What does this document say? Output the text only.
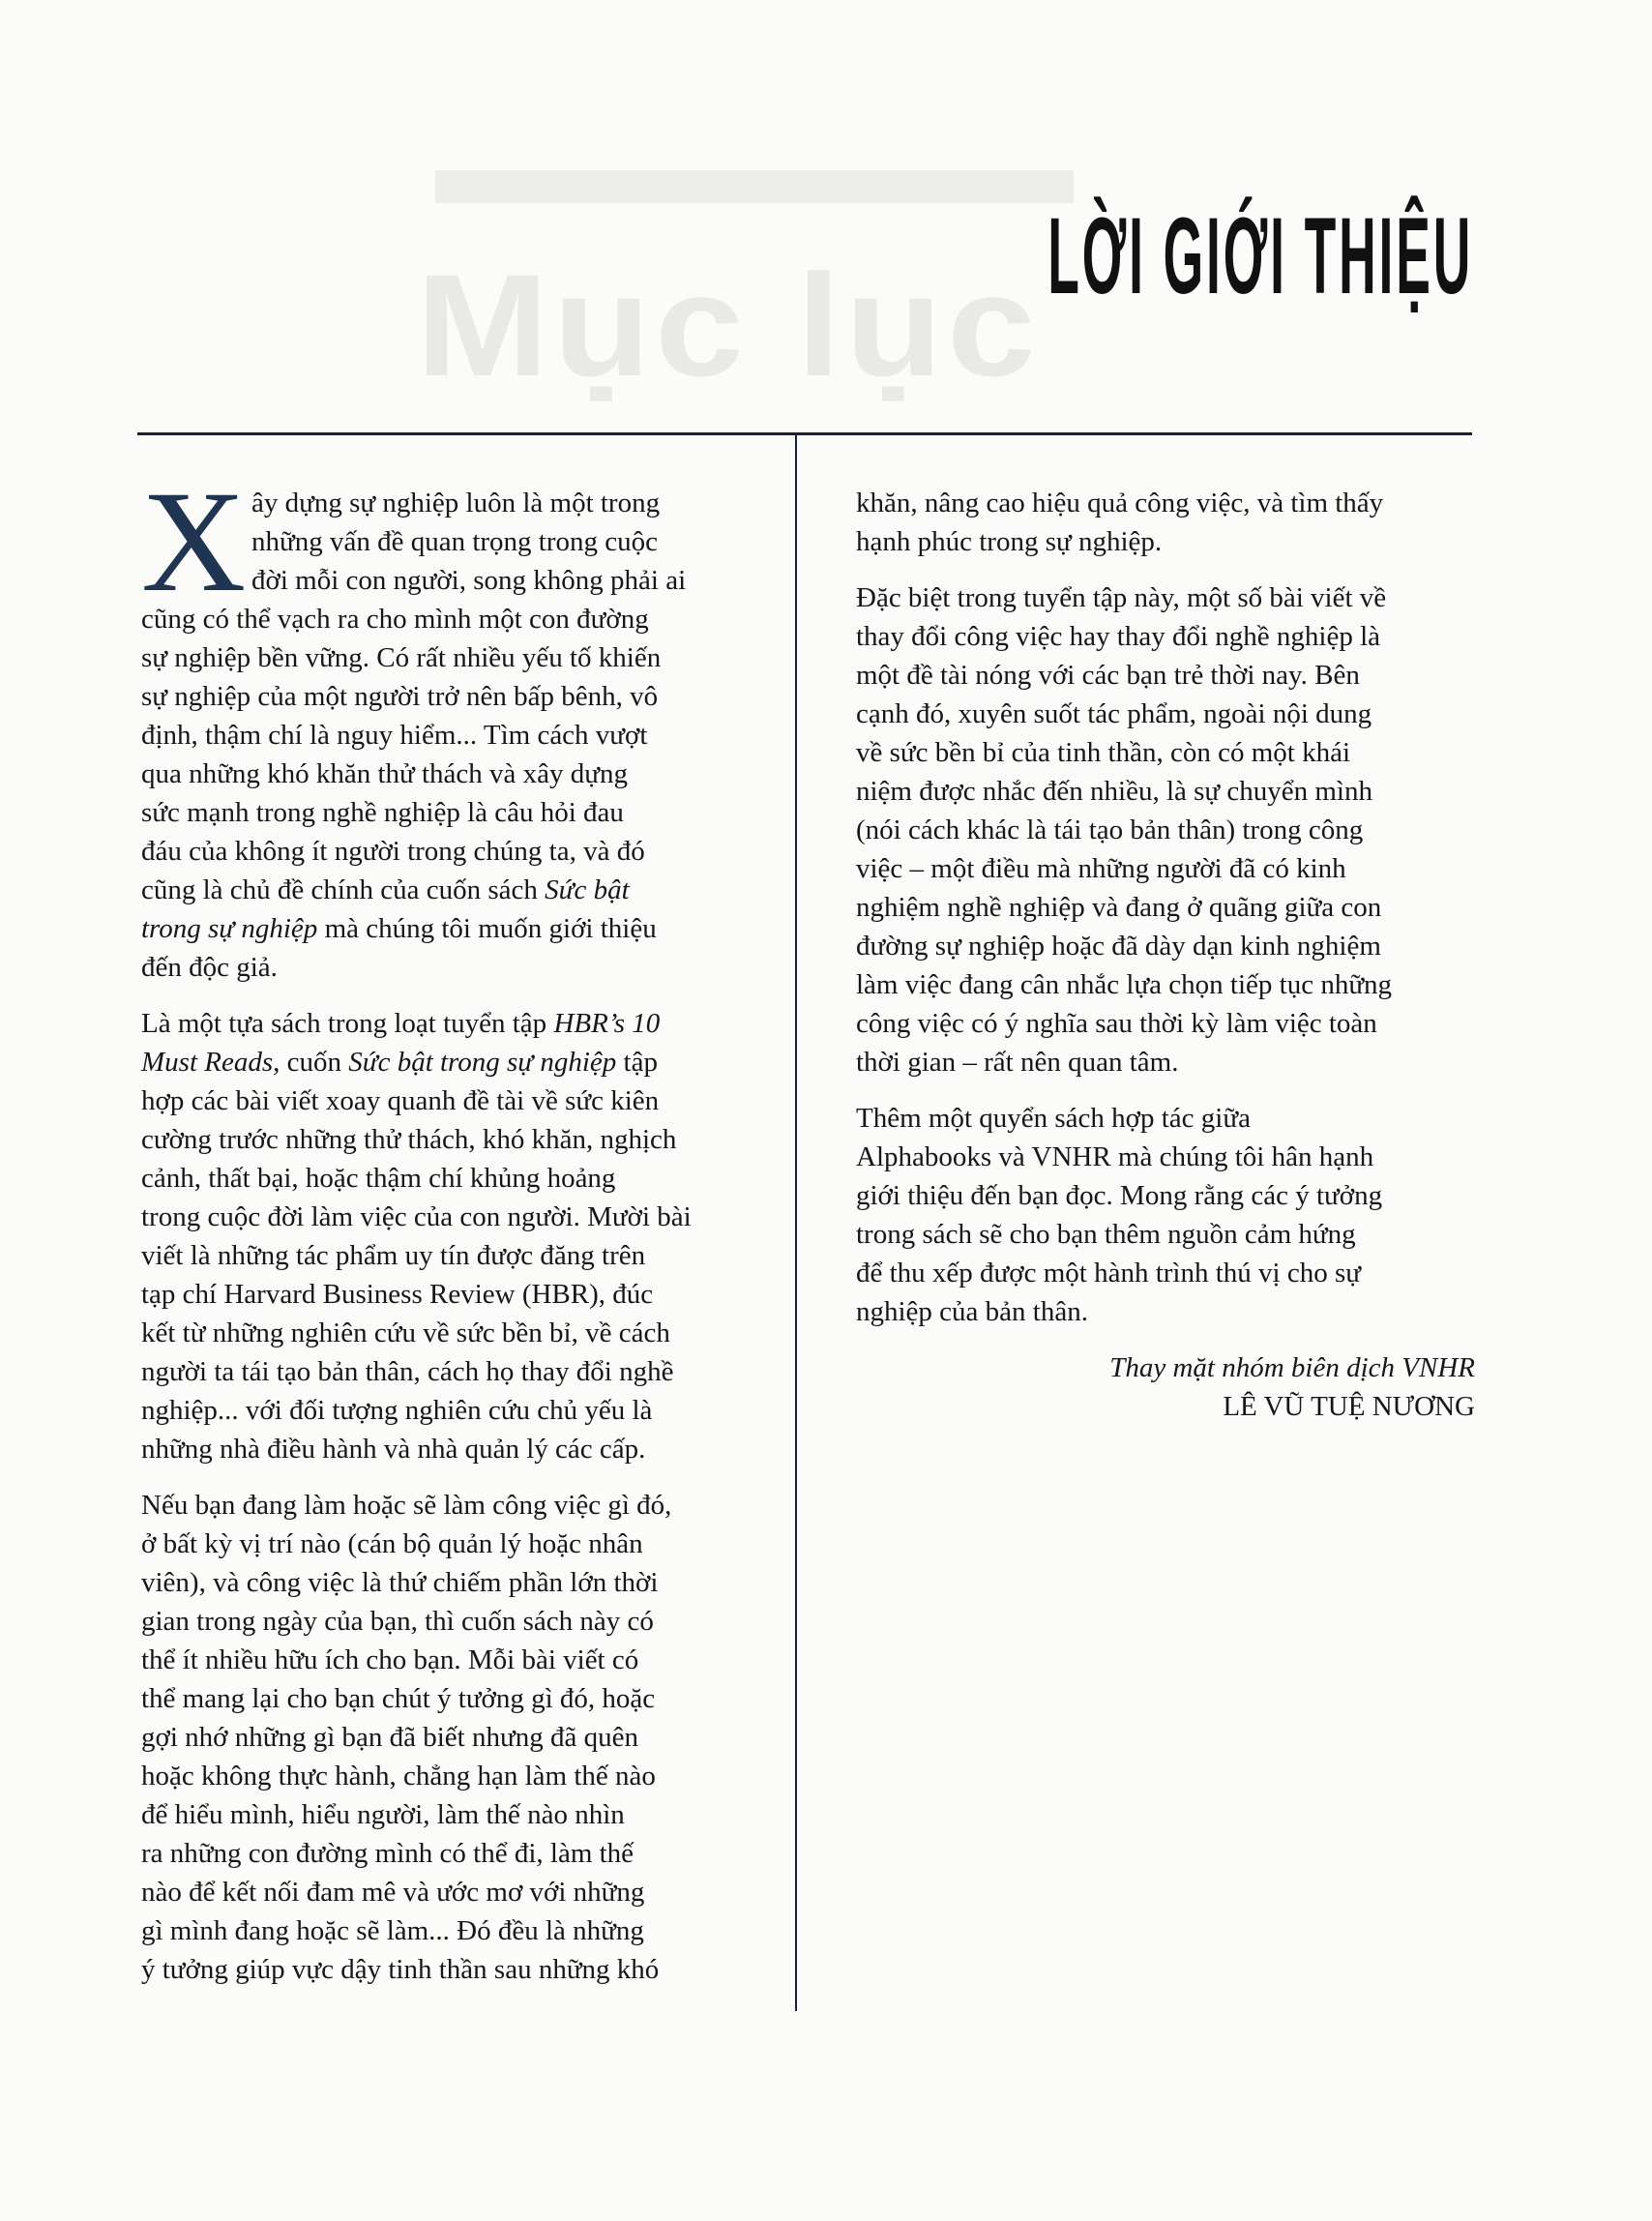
Mục lục LỜI GIỚI THIỆU
X ây dựng sự nghiệp luôn là một trong
những vấn đề quan trọng trong cuộc
đời mỗi con người, song không phải ai
cũng có thể vạch ra cho mình một con đường
sự nghiệp bền vững. Có rất nhiều yếu tố khiến
sự nghiệp của một người trở nên bấp bênh, vô
định, thậm chí là nguy hiểm... Tìm cách vượt
qua những khó khăn thử thách và xây dựng
sức mạnh trong nghề nghiệp là câu hỏi đau
đáu của không ít người trong chúng ta, và đó
cũng là chủ đề chính của cuốn sách Sức bật
trong sự nghiệp mà chúng tôi muốn giới thiệu
đến độc giả.

Là một tựa sách trong loạt tuyển tập HBR’s 10
Must Reads, cuốn Sức bật trong sự nghiệp tập
hợp các bài viết xoay quanh đề tài về sức kiên
cường trước những thử thách, khó khăn, nghịch
cảnh, thất bại, hoặc thậm chí khủng hoảng
trong cuộc đời làm việc của con người. Mười bài
viết là những tác phẩm uy tín được đăng trên
tạp chí Harvard Business Review (HBR), đúc
kết từ những nghiên cứu về sức bền bỉ, về cách
người ta tái tạo bản thân, cách họ thay đổi nghề
nghiệp... với đối tượng nghiên cứu chủ yếu là
những nhà điều hành và nhà quản lý các cấp.

Nếu bạn đang làm hoặc sẽ làm công việc gì đó,
ở bất kỳ vị trí nào (cán bộ quản lý hoặc nhân
viên), và công việc là thứ chiếm phần lớn thời
gian trong ngày của bạn, thì cuốn sách này có
thể ít nhiều hữu ích cho bạn. Mỗi bài viết có
thể mang lại cho bạn chút ý tưởng gì đó, hoặc
gợi nhớ những gì bạn đã biết nhưng đã quên
hoặc không thực hành, chẳng hạn làm thế nào
để hiểu mình, hiểu người, làm thế nào nhìn
ra những con đường mình có thể đi, làm thế
nào để kết nối đam mê và ước mơ với những
gì mình đang hoặc sẽ làm... Đó đều là những
ý tưởng giúp vực dậy tinh thần sau những khó

khăn, nâng cao hiệu quả công việc, và tìm thấy
hạnh phúc trong sự nghiệp.

Đặc biệt trong tuyển tập này, một số bài viết về
thay đổi công việc hay thay đổi nghề nghiệp là
một đề tài nóng với các bạn trẻ thời nay. Bên
cạnh đó, xuyên suốt tác phẩm, ngoài nội dung
về sức bền bỉ của tinh thần, còn có một khái
niệm được nhắc đến nhiều, là sự chuyển mình
(nói cách khác là tái tạo bản thân) trong công
việc – một điều mà những người đã có kinh
nghiệm nghề nghiệp và đang ở quãng giữa con
đường sự nghiệp hoặc đã dày dạn kinh nghiệm
làm việc đang cân nhắc lựa chọn tiếp tục những
công việc có ý nghĩa sau thời kỳ làm việc toàn
thời gian – rất nên quan tâm.

Thêm một quyển sách hợp tác giữa
Alphabooks và VNHR mà chúng tôi hân hạnh
giới thiệu đến bạn đọc. Mong rằng các ý tưởng
trong sách sẽ cho bạn thêm nguồn cảm hứng
để thu xếp được một hành trình thú vị cho sự
nghiệp của bản thân.

Thay mặt nhóm biên dịch VNHR
LÊ VŨ TUỆ NƯƠNG
